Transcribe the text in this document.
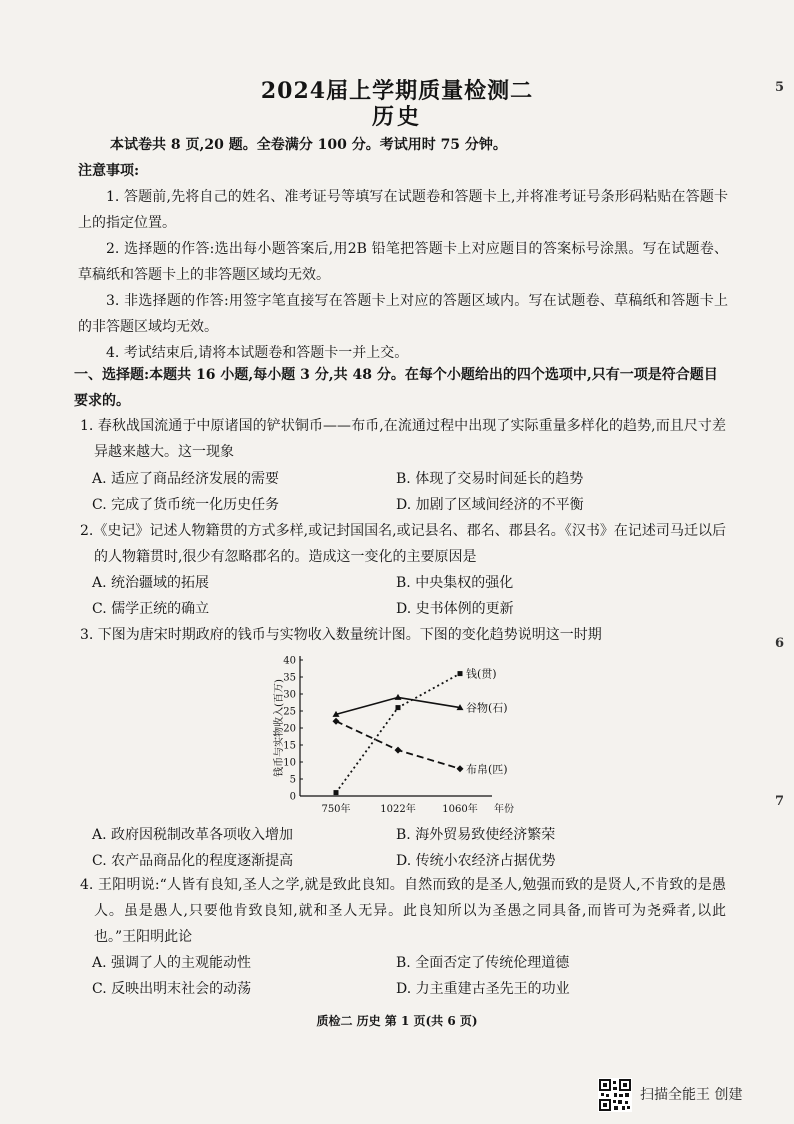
5
6
7
2024届上学期质量检测二
历史
本试卷共 8 页,20 题。全卷满分 100 分。考试用时 75 分钟。
注意事项:
1. 答题前,先将自己的姓名、准考证号等填写在试题卷和答题卡上,并将准考证号条形码粘贴在答题卡上的指定位置。
2. 选择题的作答:选出每小题答案后,用2B 铅笔把答题卡上对应题目的答案标号涂黑。写在试题卷、草稿纸和答题卡上的非答题区域均无效。
3. 非选择题的作答:用签字笔直接写在答题卡上对应的答题区域内。写在试题卷、草稿纸和答题卡上的非答题区域均无效。
4. 考试结束后,请将本试题卷和答题卡一并上交。
一、选择题:本题共 16 小题,每小题 3 分,共 48 分。在每个小题给出的四个选项中,只有一项是符合题目要求的。
1. 春秋战国流通于中原诸国的铲状铜币——布币,在流通过程中出现了实际重量多样化的趋势,而且尺寸差异越来越大。这一现象
A. 适应了商品经济发展的需要	B. 体现了交易时间延长的趋势
C. 完成了货币统一化历史任务	D. 加剧了区域间经济的不平衡
2.《史记》记述人物籍贯的方式多样,或记封国国名,或记县名、郡名、郡县名。《汉书》在记述司马迁以后的人物籍贯时,很少有忽略郡名的。造成这一变化的主要原因是
A. 统治疆域的拓展	B. 中央集权的强化
C. 儒学正统的确立	D. 史书体例的更新
3. 下图为唐宋时期政府的钱币与实物收入数量统计图。下图的变化趋势说明这一时期
0
5
10
15
20
25
30
35
40
750年	1022年	1060年 年份
钱币与实物收入(百万)
钱(贯)
谷物(石)
布帛(匹)
A. 政府因税制改革各项收入增加	B. 海外贸易致使经济繁荣
C. 农产品商品化的程度逐渐提高	D. 传统小农经济占据优势
4. 王阳明说:“人皆有良知,圣人之学,就是致此良知。自然而致的是圣人,勉强而致的是贤人,不肯致的是愚人。虽是愚人,只要他肯致良知,就和圣人无异。此良知所以为圣愚之同具备,而皆可为尧舜者,以此也。”王阳明此论
A. 强调了人的主观能动性	B. 全面否定了传统伦理道德
C. 反映出明末社会的动荡	D. 力主重建古圣先王的功业
质检二 历史 第 1 页(共 6 页)
扫描全能王 创建
